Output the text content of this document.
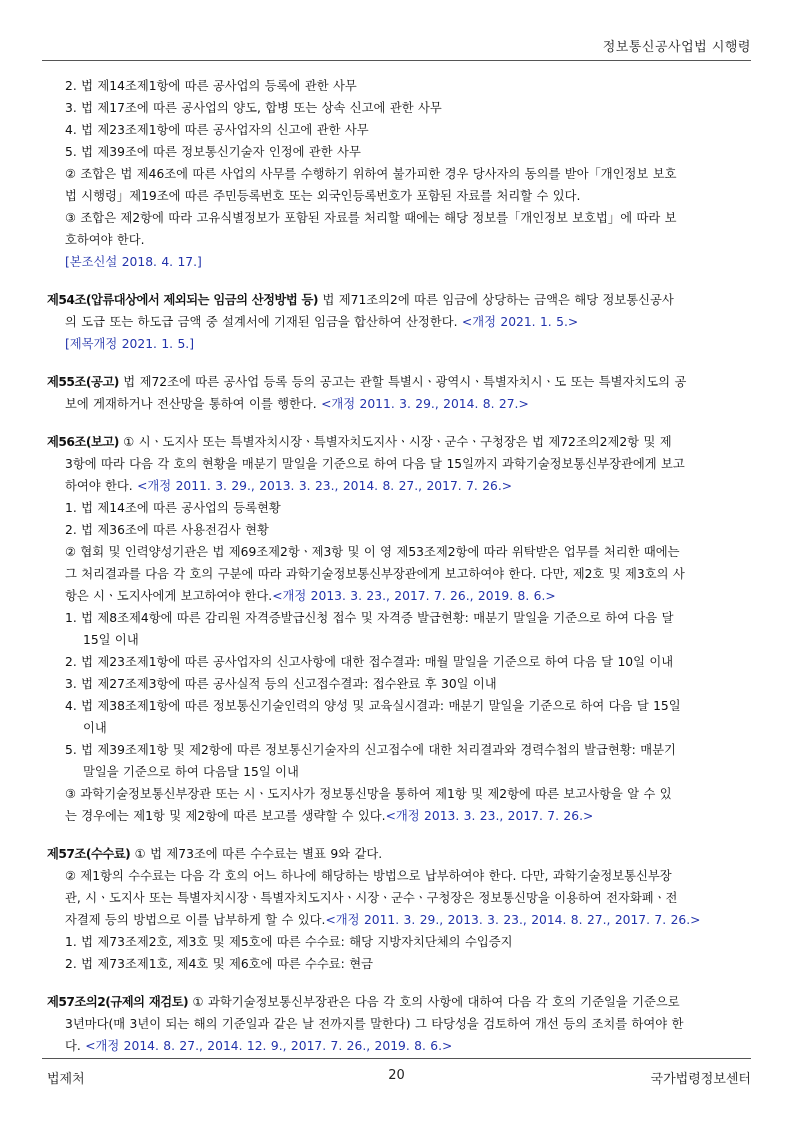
정보통신공사업법 시행령
2. 법 제14조제1항에 따른 공사업의 등록에 관한 사무
3. 법 제17조에 따른 공사업의 양도, 합병 또는 상속 신고에 관한 사무
4. 법 제23조제1항에 따른 공사업자의 신고에 관한 사무
5. 법 제39조에 따른 정보통신기술자 인정에 관한 사무
② 조합은 법 제46조에 따른 사업의 사무를 수행하기 위하여 불가피한 경우 당사자의 동의를 받아「개인정보 보호
법 시행령」제19조에 따른 주민등록번호 또는 외국인등록번호가 포함된 자료를 처리할 수 있다.
③ 조합은 제2항에 따라 고유식별정보가 포함된 자료를 처리할 때에는 해당 정보를「개인정보 보호법」에 따라 보
호하여야 한다.
[본조신설 2018. 4. 17.]
제54조(압류대상에서 제외되는 임금의 산정방법 등) 법 제71조의2에 따른 임금에 상당하는 금액은 해당 정보통신공사
의 도급 또는 하도급 금액 중 설계서에 기재된 임금을 합산하여 산정한다. <개정 2021. 1. 5.>
[제목개정 2021. 1. 5.]
제55조(공고) 법 제72조에 따른 공사업 등록 등의 공고는 관할 특별시ㆍ광역시ㆍ특별자치시ㆍ도 또는 특별자치도의 공
보에 게재하거나 전산망을 통하여 이를 행한다. <개정 2011. 3. 29., 2014. 8. 27.>
제56조(보고) ① 시ㆍ도지사 또는 특별자치시장ㆍ특별자치도지사ㆍ시장ㆍ군수ㆍ구청장은 법 제72조의2제2항 및 제
3항에 따라 다음 각 호의 현황을 매분기 말일을 기준으로 하여 다음 달 15일까지 과학기술정보통신부장관에게 보고
하여야 한다. <개정 2011. 3. 29., 2013. 3. 23., 2014. 8. 27., 2017. 7. 26.>
1. 법 제14조에 따른 공사업의 등록현황
2. 법 제36조에 따른 사용전검사 현황
② 협회 및 인력양성기관은 법 제69조제2항ㆍ제3항 및 이 영 제53조제2항에 따라 위탁받은 업무를 처리한 때에는
그 처리결과를 다음 각 호의 구분에 따라 과학기술정보통신부장관에게 보고하여야 한다. 다만, 제2호 및 제3호의 사
항은 시ㆍ도지사에게 보고하여야 한다.<개정 2013. 3. 23., 2017. 7. 26., 2019. 8. 6.>
1. 법 제8조제4항에 따른 감리원 자격증발급신청 접수 및 자격증 발급현황: 매분기 말일을 기준으로 하여 다음 달
15일 이내
2. 법 제23조제1항에 따른 공사업자의 신고사항에 대한 접수결과: 매월 말일을 기준으로 하여 다음 달 10일 이내
3. 법 제27조제3항에 따른 공사실적 등의 신고접수결과: 접수완료 후 30일 이내
4. 법 제38조제1항에 따른 정보통신기술인력의 양성 및 교육실시결과: 매분기 말일을 기준으로 하여 다음 달 15일
이내
5. 법 제39조제1항 및 제2항에 따른 정보통신기술자의 신고접수에 대한 처리결과와 경력수첩의 발급현황: 매분기
말일을 기준으로 하여 다음달 15일 이내
③ 과학기술정보통신부장관 또는 시ㆍ도지사가 정보통신망을 통하여 제1항 및 제2항에 따른 보고사항을 알 수 있
는 경우에는 제1항 및 제2항에 따른 보고를 생략할 수 있다.<개정 2013. 3. 23., 2017. 7. 26.>
제57조(수수료) ① 법 제73조에 따른 수수료는 별표 9와 같다.
② 제1항의 수수료는 다음 각 호의 어느 하나에 해당하는 방법으로 납부하여야 한다. 다만, 과학기술정보통신부장
관, 시ㆍ도지사 또는 특별자치시장ㆍ특별자치도지사ㆍ시장ㆍ군수ㆍ구청장은 정보통신망을 이용하여 전자화폐ㆍ전
자결제 등의 방법으로 이를 납부하게 할 수 있다.<개정 2011. 3. 29., 2013. 3. 23., 2014. 8. 27., 2017. 7. 26.>
1. 법 제73조제2호, 제3호 및 제5호에 따른 수수료: 해당 지방자치단체의 수입증지
2. 법 제73조제1호, 제4호 및 제6호에 따른 수수료: 현금
제57조의2(규제의 재검토) ① 과학기술정보통신부장관은 다음 각 호의 사항에 대하여 다음 각 호의 기준일을 기준으로
3년마다(매 3년이 되는 해의 기준일과 같은 날 전까지를 말한다) 그 타당성을 검토하여 개선 등의 조치를 하여야 한
다. <개정 2014. 8. 27., 2014. 12. 9., 2017. 7. 26., 2019. 8. 6.>
법제처	20	국가법령정보센터
